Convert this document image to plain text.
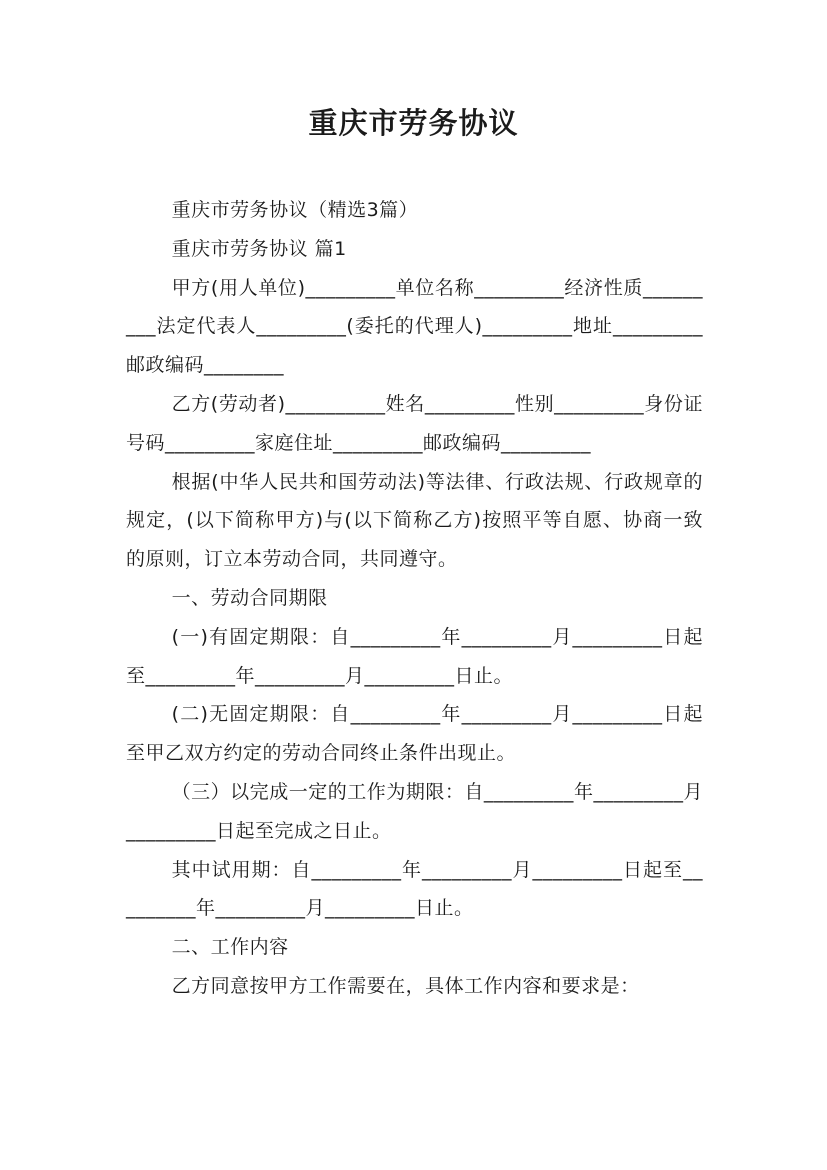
重庆市劳务协议

重庆市劳务协议（精选3篇）

重庆市劳务协议 篇1

甲方(用人单位)_________单位名称_________经济性质_________法定代表人_________(委托的代理人)_________地址_________邮政编码________

乙方(劳动者)__________姓名_________性别_________身份证号码_________家庭住址_________邮政编码_________

根据(中华人民共和国劳动法)等法律、行政法规、行政规章的规定，(以下简称甲方)与(以下简称乙方)按照平等自愿、协商一致的原则，订立本劳动合同，共同遵守。

一、劳动合同期限

(一)有固定期限：自_________年_________月_________日起至_________年_________月_________日止。

(二)无固定期限：自_________年_________月_________日起至甲乙双方约定的劳动合同终止条件出现止。

（三）以完成一定的工作为期限：自_________年_________月_________日起至完成之日止。

其中试用期：自_________年_________月_________日起至_________年_________月_________日止。

二、工作内容

乙方同意按甲方工作需要在，具体工作内容和要求是：
